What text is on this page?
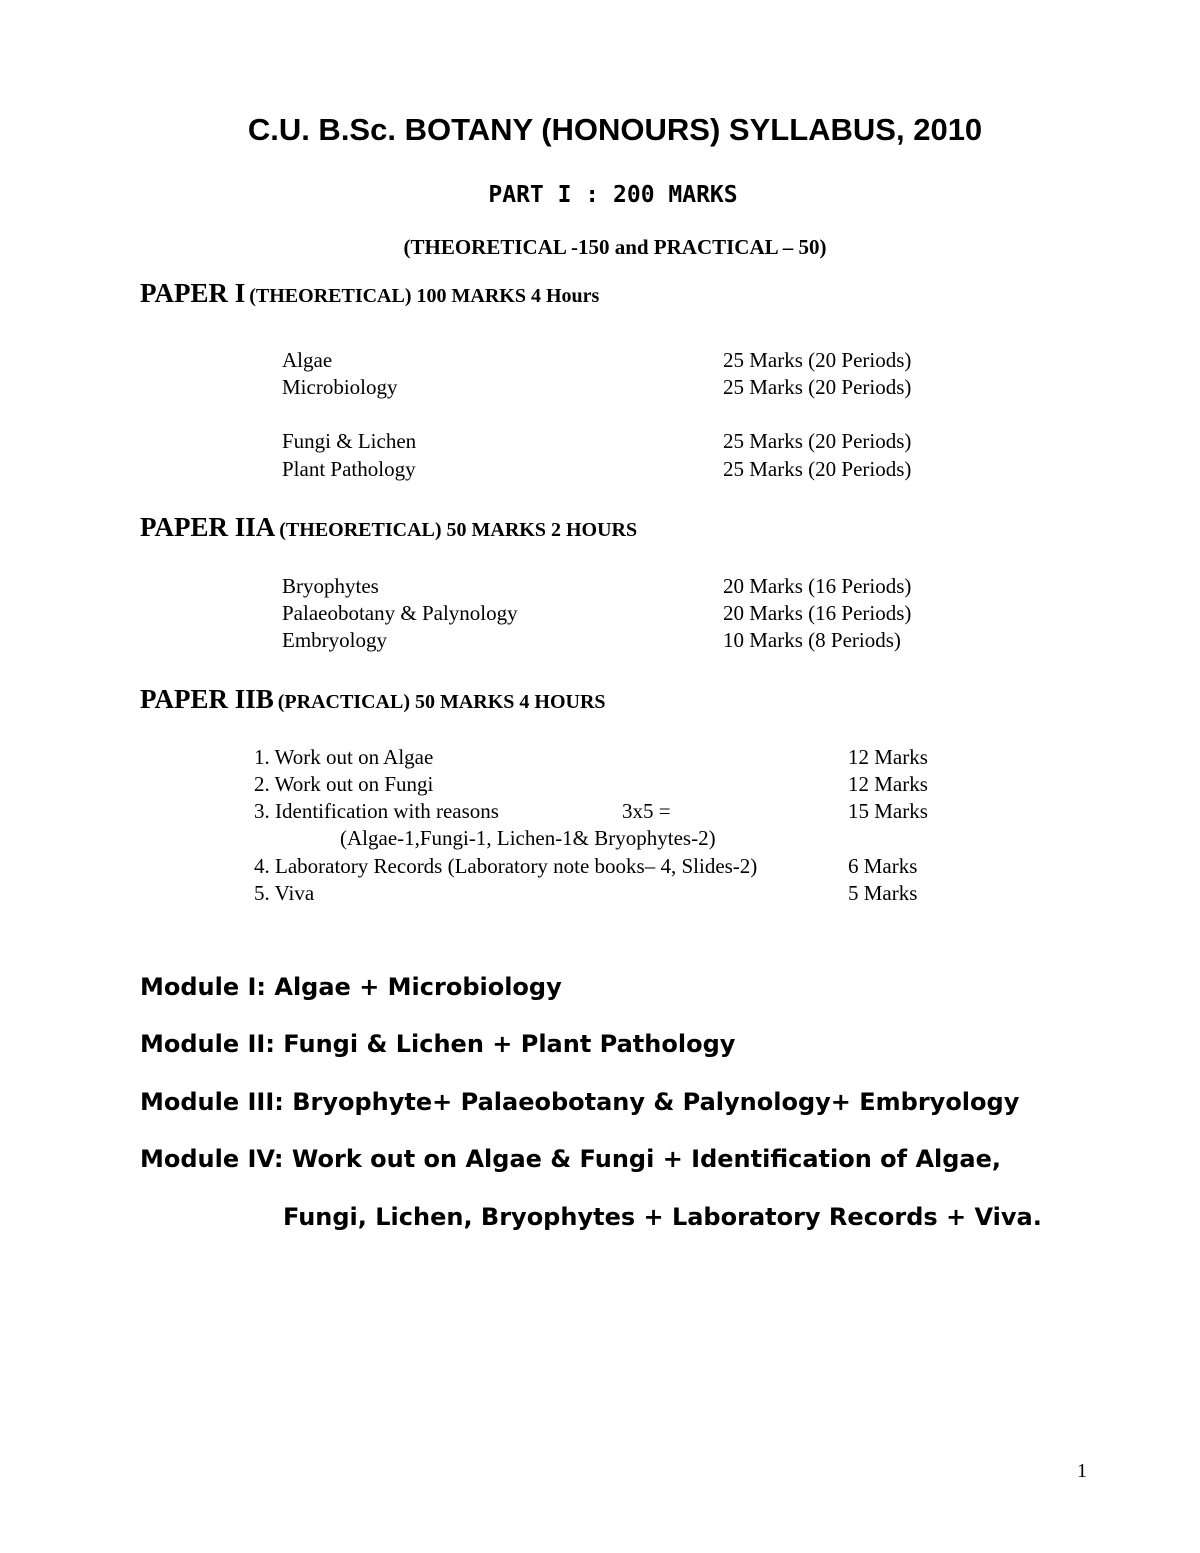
C.U. B.Sc. BOTANY (HONOURS) SYLLABUS, 2010
PART I : 200 MARKS
(THEORETICAL -150 and PRACTICAL – 50)
PAPER I (THEORETICAL) 100 MARKS 4 Hours
Algae	25 Marks (20 Periods)
Microbiology	25 Marks (20 Periods)
Fungi & Lichen	25 Marks (20 Periods)
Plant Pathology	25 Marks (20 Periods)
PAPER IIA (THEORETICAL) 50 MARKS 2 HOURS
Bryophytes	20 Marks (16 Periods)
Palaeobotany & Palynology	20 Marks (16 Periods)
Embryology	10 Marks (8 Periods)
PAPER IIB (PRACTICAL) 50 MARKS 4 HOURS
1. Work out on Algae	12 Marks
2. Work out on Fungi	12 Marks
3. Identification with reasons	3x5 =	15 Marks
(Algae-1,Fungi-1, Lichen-1& Bryophytes-2)
4. Laboratory Records (Laboratory note books– 4, Slides-2)	6 Marks
5. Viva	5 Marks
Module I: Algae + Microbiology
Module II: Fungi & Lichen + Plant Pathology
Module III: Bryophyte+ Palaeobotany & Palynology+ Embryology
Module IV: Work out on Algae & Fungi + Identification of Algae,
Fungi, Lichen, Bryophytes + Laboratory Records + Viva.
1
